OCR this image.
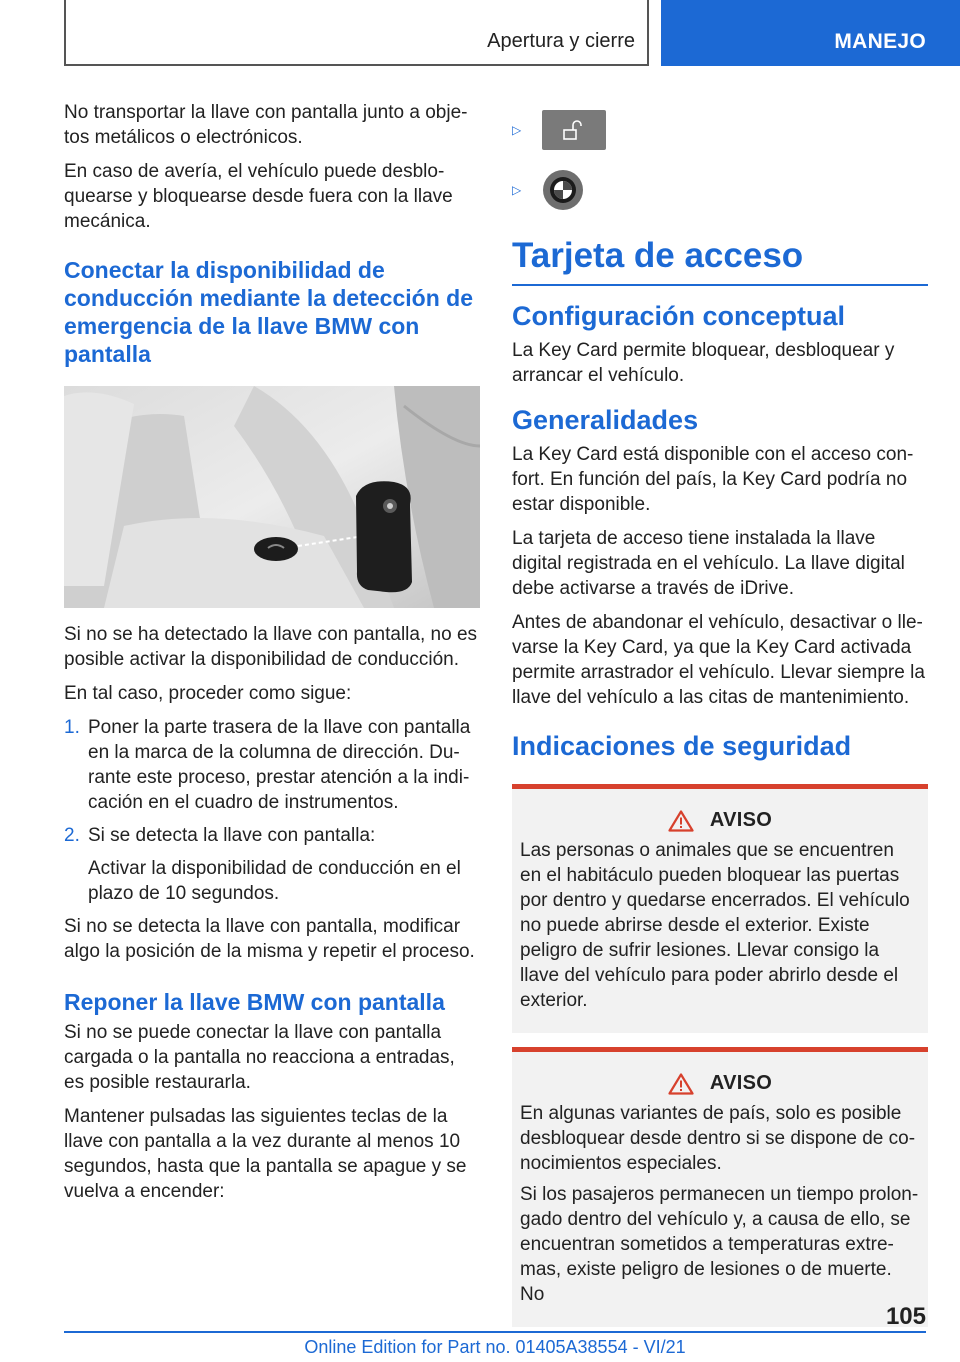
Apertura y cierre	MANEJO

No transportar la llave con pantalla junto a objetos metálicos o electrónicos.

En caso de avería, el vehículo puede desbloquearse y bloquearse desde fuera con la llave mecánica.

Conectar la disponibilidad de conducción mediante la detección de emergencia de la llave BMW con pantalla

Si no se ha detectado la llave con pantalla, no es posible activar la disponibilidad de conducción.

En tal caso, proceder como sigue:

1. Poner la parte trasera de la llave con pantalla en la marca de la columna de dirección. Durante este proceso, prestar atención a la indicación en el cuadro de instrumentos.
2. Si se detecta la llave con pantalla:
Activar la disponibilidad de conducción en el plazo de 10 segundos.

Si no se detecta la llave con pantalla, modificar algo la posición de la misma y repetir el proceso.

Reponer la llave BMW con pantalla

Si no se puede conectar la llave con pantalla cargada o la pantalla no reacciona a entradas, es posible restaurarla.

Mantener pulsadas las siguientes teclas de la llave con pantalla a la vez durante al menos 10 segundos, hasta que la pantalla se apague y se vuelva a encender:

▷
▷
Tarjeta de acceso
Configuración conceptual

La Key Card permite bloquear, desbloquear y arrancar el vehículo.

Generalidades

La Key Card está disponible con el acceso confort. En función del país, la Key Card podría no estar disponible.

La tarjeta de acceso tiene instalada la llave digital registrada en el vehículo. La llave digital debe activarse a través de iDrive.

Antes de abandonar el vehículo, desactivar o llevarse la Key Card, ya que la Key Card activada permite arrastrador el vehículo. Llevar siempre la llave del vehículo a las citas de mantenimiento.

Indicaciones de seguridad
AVISO

Las personas o animales que se encuentren en el habitáculo pueden bloquear las puertas por dentro y quedarse encerrados. El vehículo no puede abrirse desde el exterior. Existe peligro de sufrir lesiones. Llevar consigo la llave del vehículo para poder abrirlo desde el exterior.

AVISO

En algunas variantes de país, solo es posible desbloquear desde dentro si se dispone de conocimientos especiales.

Si los pasajeros permanecen un tiempo prolongado dentro del vehículo y, a causa de ello, se encuentran sometidos a temperaturas extremas, existe peligro de lesiones o de muerte. No

105
Online Edition for Part no. 01405A38554 - VI/21
